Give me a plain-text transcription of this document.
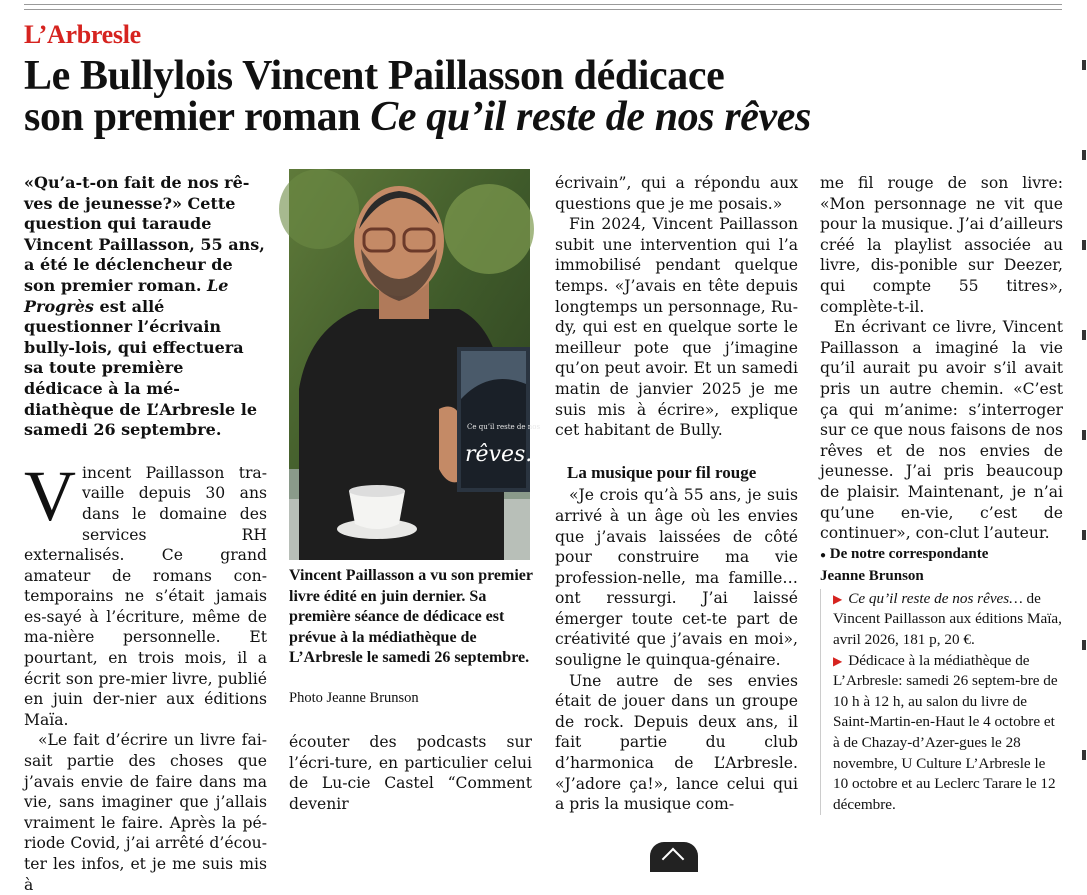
L’Arbresle
Le Bullylois Vincent Paillasson dédicace
son premier roman Ce qu’il reste de nos rêves

«Qu’a-t-on fait de nos rê-ves de jeunesse?» Cette question qui taraude Vincent Paillasson, 55 ans, a été le déclencheur de son premier roman. Le Progrès est allé questionner l’écrivain bully-lois, qui effectuera sa toute première dédicace à la mé-diathèque de L’Arbresle le samedi 26 septembre.

Vincent Paillasson tra-vaille depuis 30 ans dans le domaine des services RH externalisés. Ce grand amateur de romans con-temporains ne s’était jamais es-sayé à l’écriture, même de ma-nière personnelle. Et pourtant, en trois mois, il a écrit son pre-mier livre, publié en juin der-nier aux éditions Maïa.

«Le fait d’écrire un livre fai-sait partie des choses que j’avais envie de faire dans ma vie, sans imaginer que j’allais vraiment le faire. Après la pé-riode Covid, j’ai arrêté d’écou-ter les infos, et je me suis mis à

Ce qu’il reste de nos
rêves.
Vincent Paillasson a vu son premier livre édité en juin dernier. Sa première séance de dédicace est prévue à la médiathèque de L’Arbresle le samedi 26 septembre.
Photo Jeanne Brunson

écouter des podcasts sur l’écri-ture, en particulier celui de Lu-cie Castel “Comment devenir

écrivain”, qui a répondu aux questions que je me posais.»

Fin 2024, Vincent Paillasson subit une intervention qui l’a immobilisé pendant quelque temps. «J’avais en tête depuis longtemps un personnage, Ru-dy, qui est en quelque sorte le meilleur pote que j’imagine qu’on peut avoir. Et un samedi matin de janvier 2025 je me suis mis à écrire», explique cet habitant de Bully.

La musique pour fil rouge

«Je crois qu’à 55 ans, je suis arrivé à un âge où les envies que j’avais laissées de côté pour construire ma vie profession-nelle, ma famille… ont ressurgi. J’ai laissé émerger toute cet-te part de créativité que j’avais en moi», souligne le quinqua-génaire.

Une autre de ses envies était de jouer dans un groupe de rock. Depuis deux ans, il fait partie du club d’harmonica de L’Arbresle. «J’adore ça!», lance celui qui a pris la musique com-

me fil rouge de son livre: «Mon personnage ne vit que pour la musique. J’ai d’ailleurs créé la playlist associée au livre, dis-ponible sur Deezer, qui compte 55 titres», complète-t-il.

En écrivant ce livre, Vincent Paillasson a imaginé la vie qu’il aurait pu avoir s’il avait pris un autre chemin. «C’est ça qui m’anime: s’interroger sur ce que nous faisons de nos rêves et de nos envies de jeunesse. J’ai pris beaucoup de plaisir. Maintenant, je n’ai qu’une en-vie, c’est de continuer», con-clut l’auteur.

● De notre correspondante
Jeanne Brunson

▶ Ce qu’il reste de nos rêves… de Vincent Paillasson aux éditions Maïa, avril 2026, 181 p, 20 €.

▶ Dédicace à la médiathèque de L’Arbresle: samedi 26 septem-bre de 10 h à 12 h, au salon du livre de Saint-Martin-en-Haut le 4 octobre et à de Chazay-d’Azer-gues le 28 novembre, U Culture L’Arbresle le 10 octobre et au Leclerc Tarare le 12 décembre.
